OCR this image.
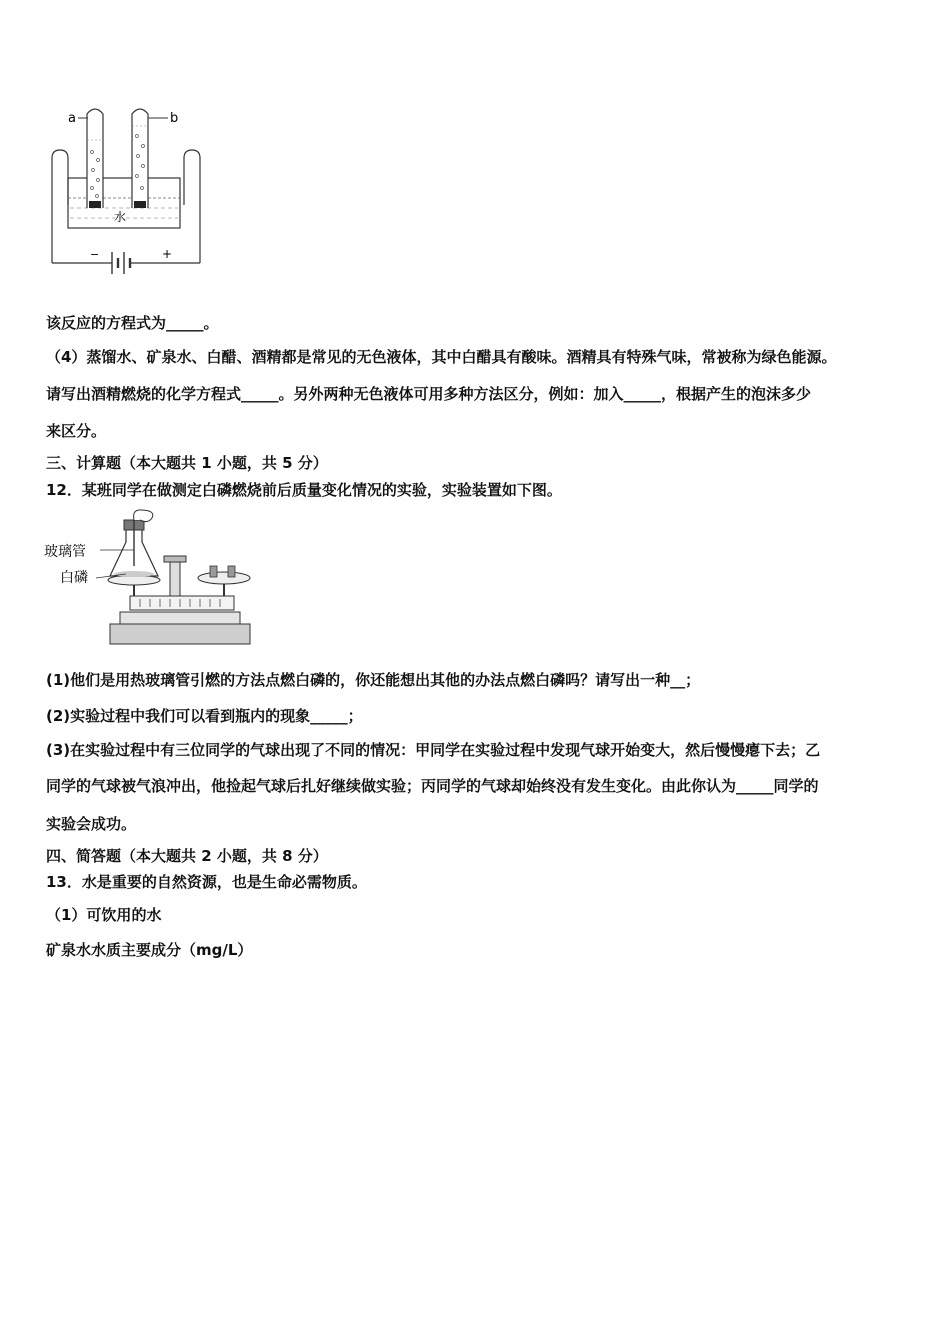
a	b
水
−	+
该反应的方程式为_____。
（4）蒸馏水、矿泉水、白醋、酒精都是常见的无色液体，其中白醋具有酸味。酒精具有特殊气味，常被称为绿色能源。
请写出酒精燃烧的化学方程式_____。另外两种无色液体可用多种方法区分，例如：加入_____，根据产生的泡沫多少
来区分。
三、计算题（本大题共 1 小题，共 5 分）
12．某班同学在做测定白磷燃烧前后质量变化情况的实验，实验装置如下图。
玻璃管
白磷
(1)他们是用热玻璃管引燃的方法点燃白磷的，你还能想出其他的办法点燃白磷吗？请写出一种__；
(2)实验过程中我们可以看到瓶内的现象_____；
(3)在实验过程中有三位同学的气球出现了不同的情况：甲同学在实验过程中发现气球开始变大，然后慢慢瘪下去；乙
同学的气球被气浪冲出，他捡起气球后扎好继续做实验；丙同学的气球却始终没有发生变化。由此你认为_____同学的
实验会成功。
四、简答题（本大题共 2 小题，共 8 分）
13．水是重要的自然资源，也是生命必需物质。
（1）可饮用的水
矿泉水水质主要成分（mg/L）
